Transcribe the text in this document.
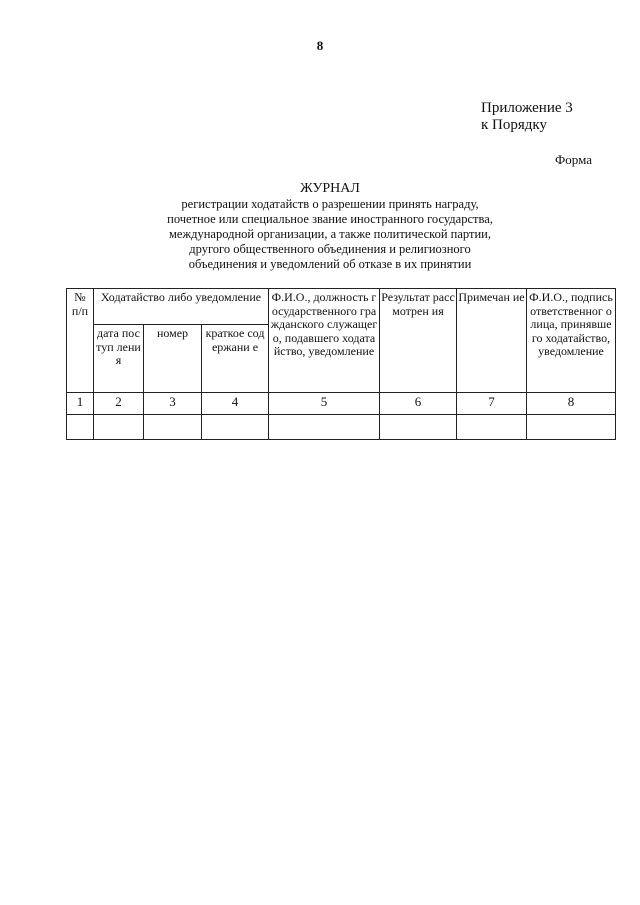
8
Приложение 3
к Порядку
Форма
ЖУРНАЛ
регистрации ходатайств о разрешении принять награду,
почетное или специальное звание иностранного государства,
международной организации, а также политической партии,
другого общественного объединения и религиозного
объединения и уведомлений об отказе в их принятии
№ п/п	Ходатайство либо уведомление			Ф.И.О., должность государственного гражданского служащего, подавшего ходатайство, уведомление	Результат рассмотрен ия	Примечан ие	Ф.И.О., подпись ответственног о лица, принявшего ходатайство, уведомление
	дата поступ ления	номер	краткое содержани е				
1	2	3	4	5	6	7	8
